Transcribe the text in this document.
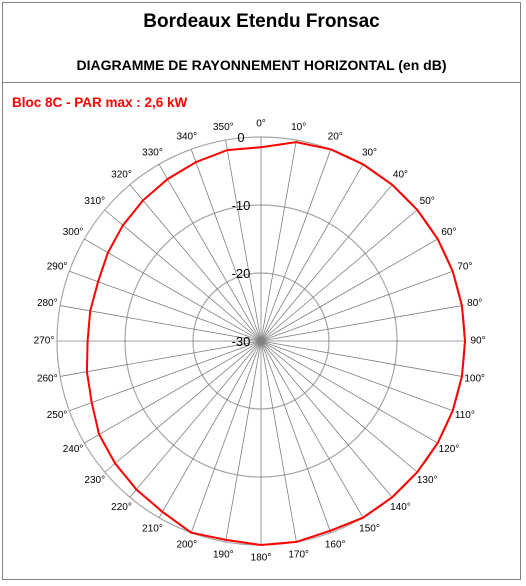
Bordeaux Etendu Fronsac
DIAGRAMME DE RAYONNEMENT HORIZONTAL (en dB)
Bloc 8C - PAR max : 2,6 kW
0°	10°
20°
30°
40°
50°
60°
70°
80°
90°
100°
110°
120°
130°
140°
150°
160°
170°
180°
190°
200°
210°
220°
230°
240°
250°
260°
270°
280°
290°
300°
310°
320°
330°
340°
350°
0
-10
-20
-30
